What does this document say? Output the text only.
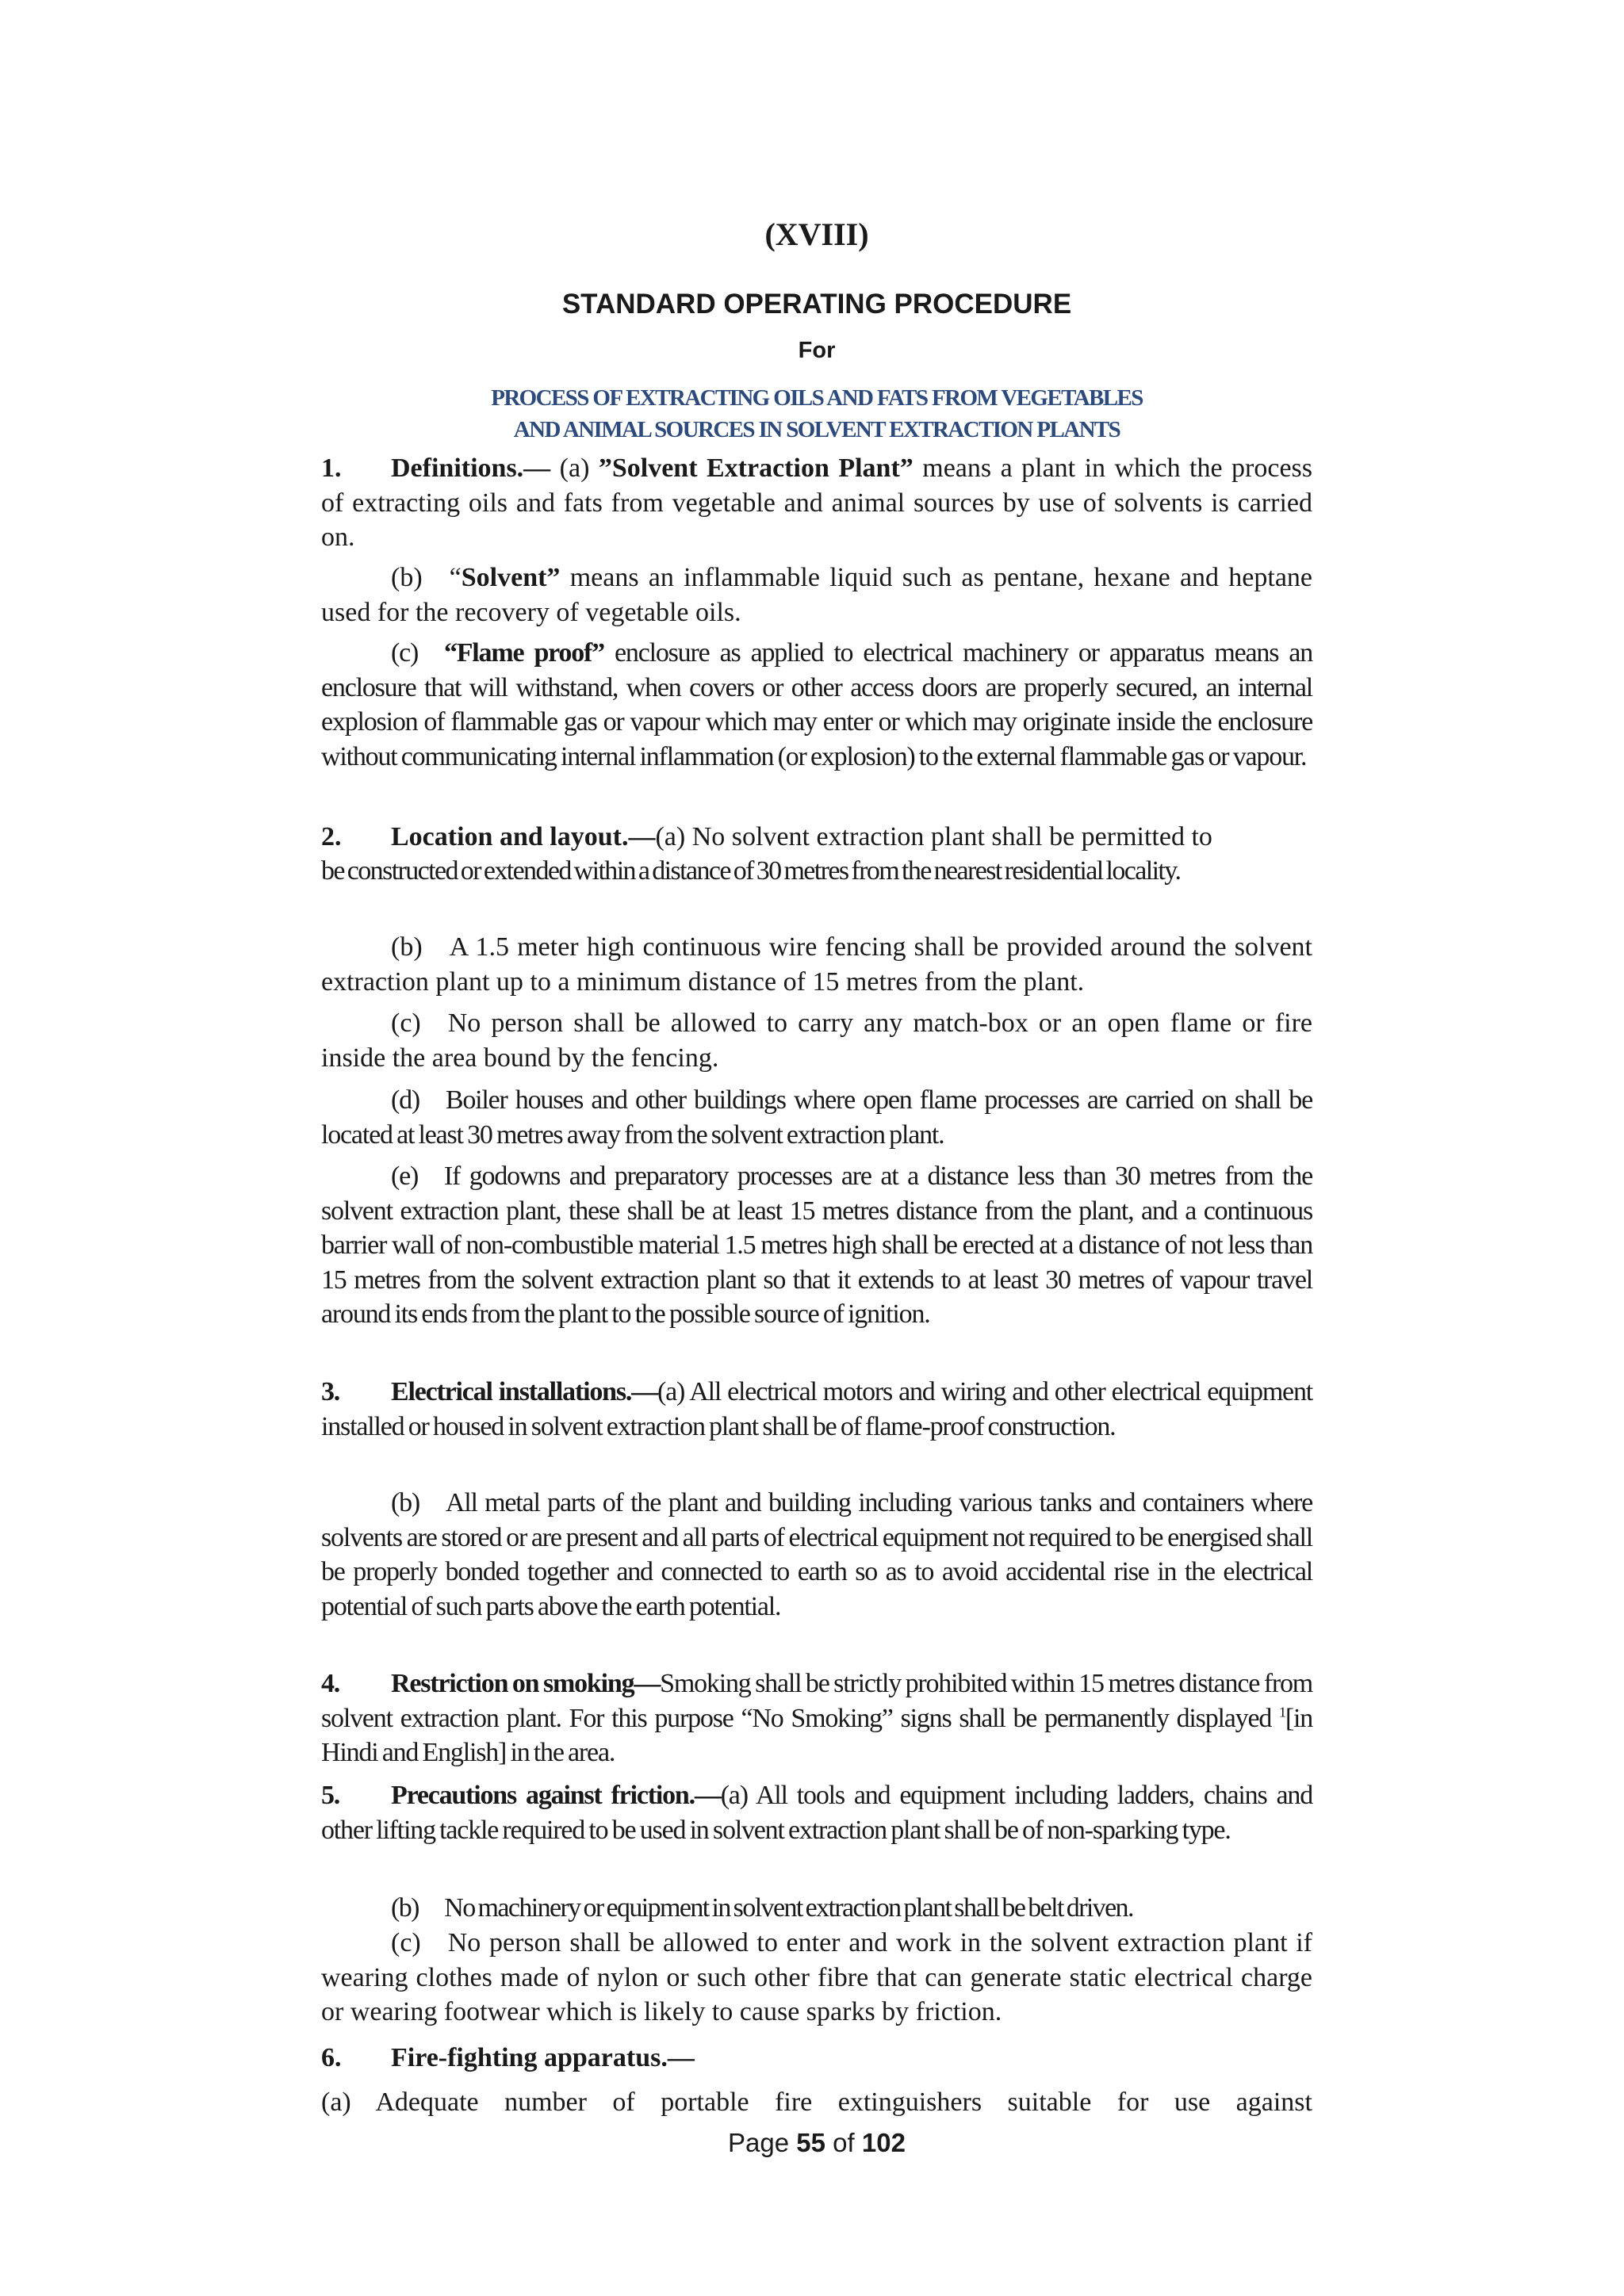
(XVIII)
STANDARD OPERATING PROCEDURE
For
PROCESS OF EXTRACTING OILS AND FATS FROM VEGETABLES
AND ANIMAL SOURCES IN SOLVENT EXTRACTION PLANTS

1. Definitions.— (a) ”Solvent Extraction Plant” means a plant in which the process of extracting oils and fats from vegetable and animal sources by use of solvents is carried on.

(b) “Solvent” means an inflammable liquid such as pentane, hexane and heptane used for the recovery of vegetable oils.

(c) “Flame proof” enclosure as applied to electrical machinery or apparatus means an enclosure that will withstand, when covers or other access doors are properly secured, an internal explosion of flammable gas or vapour which may enter or which may originate inside the enclosure without communicating internal inflammation (or explosion) to the external flammable gas or vapour.

2. Location and layout.—(a) No solvent extraction plant shall be permitted to

be constructed or extended within a distance of 30 metres from the nearest residential locality.

(b) A 1.5 meter high continuous wire fencing shall be provided around the solvent extraction plant up to a minimum distance of 15 metres from the plant.

(c) No person shall be allowed to carry any match-box or an open flame or fire inside the area bound by the fencing.

(d) Boiler houses and other buildings where open flame processes are carried on shall be located at least 30 metres away from the solvent extraction plant.

(e) If godowns and preparatory processes are at a distance less than 30 metres from the solvent extraction plant, these shall be at least 15 metres distance from the plant, and a continuous barrier wall of non-combustible material 1.5 metres high shall be erected at a distance of not less than 15 metres from the solvent extraction plant so that it extends to at least 30 metres of vapour travel around its ends from the plant to the possible source of ignition.

3. Electrical installations.—(a) All electrical motors and wiring and other electrical equipment installed or housed in solvent extraction plant shall be of flame-proof construction.

(b) All metal parts of the plant and building including various tanks and containers where solvents are stored or are present and all parts of electrical equipment not required to be energised shall be properly bonded together and connected to earth so as to avoid accidental rise in the electrical potential of such parts above the earth potential.

4. Restriction on smoking—Smoking shall be strictly prohibited within 15 metres distance from solvent extraction plant. For this purpose “No Smoking” signs shall be permanently displayed $^1$[in Hindi and English] in the area.

5. Precautions against friction.—(a) All tools and equipment including ladders, chains and other lifting tackle required to be used in solvent extraction plant shall be of non-sparking type.

(b) No machinery or equipment in solvent extraction plant shall be belt driven.

(c) No person shall be allowed to enter and work in the solvent extraction plant if wearing clothes made of nylon or such other fibre that can generate static electrical charge or wearing footwear which is likely to cause sparks by friction.

6. Fire-fighting apparatus.—

(a) Adequate number of portable fire extinguishers suitable for use against

Page 55 of 102
